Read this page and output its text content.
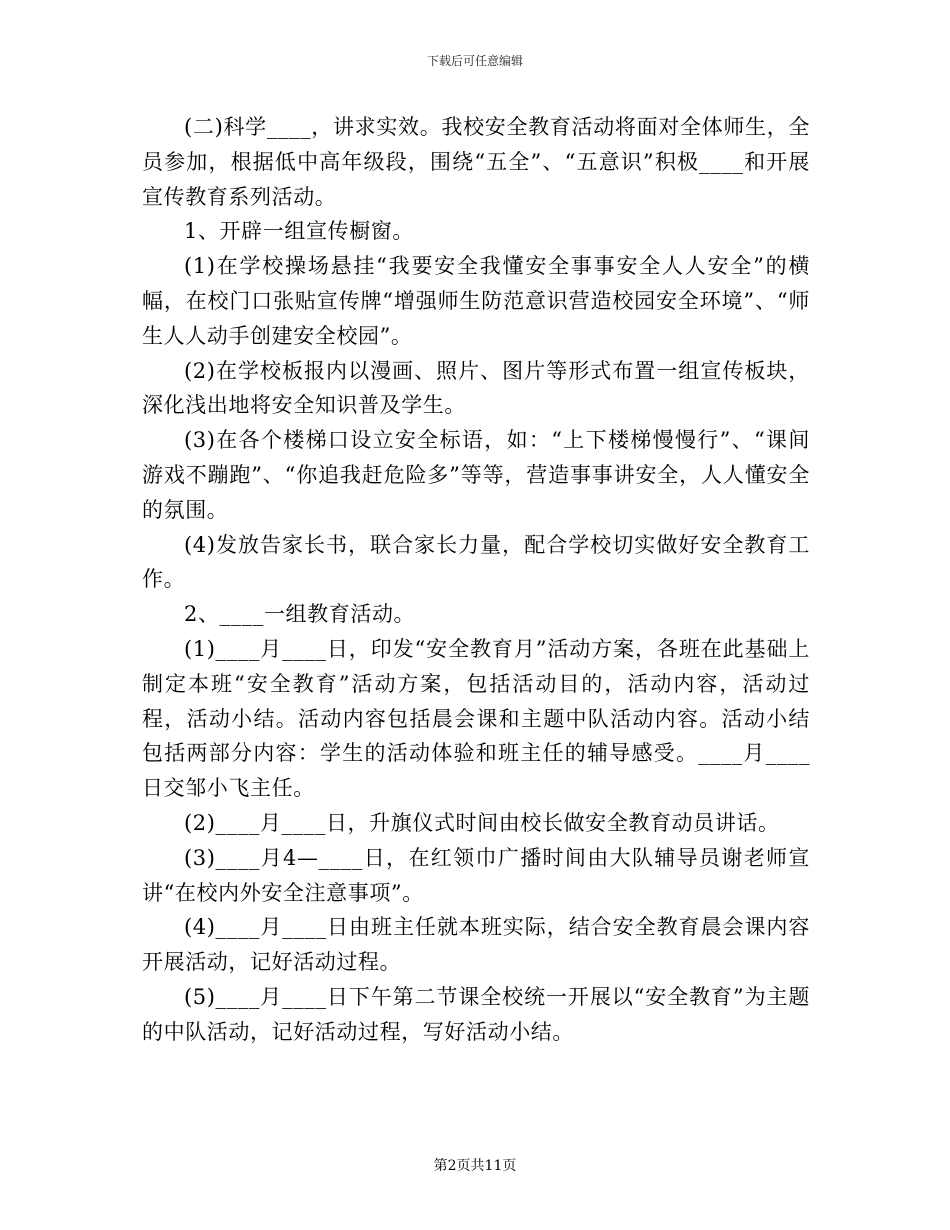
下载后可任意编辑

(二)科学____，讲求实效。我校安全教育活动将面对全体师生，全员参加，根据低中高年级段，围绕“五全”、“五意识”积极____和开展宣传教育系列活动。

1、开辟一组宣传橱窗。

(1)在学校操场悬挂“我要安全我懂安全事事安全人人安全”的横幅，在校门口张贴宣传牌“增强师生防范意识营造校园安全环境”、“师生人人动手创建安全校园”。

(2)在学校板报内以漫画、照片、图片等形式布置一组宣传板块，深化浅出地将安全知识普及学生。

(3)在各个楼梯口设立安全标语，如：“上下楼梯慢慢行”、“课间游戏不蹦跑”、“你追我赶危险多”等等，营造事事讲安全，人人懂安全的氛围。

(4)发放告家长书，联合家长力量，配合学校切实做好安全教育工作。

2、____一组教育活动。

(1)____月____日，印发“安全教育月”活动方案，各班在此基础上制定本班“安全教育”活动方案，包括活动目的，活动内容，活动过程，活动小结。活动内容包括晨会课和主题中队活动内容。活动小结包括两部分内容：学生的活动体验和班主任的辅导感受。____月____日交邹小飞主任。

(2)____月____日，升旗仪式时间由校长做安全教育动员讲话。

(3)____月4—____日，在红领巾广播时间由大队辅导员谢老师宣讲“在校内外安全注意事项”。

(4)____月____日由班主任就本班实际，结合安全教育晨会课内容开展活动，记好活动过程。

(5)____月____日下午第二节课全校统一开展以“安全教育”为主题的中队活动，记好活动过程，写好活动小结。

第2页共11页
